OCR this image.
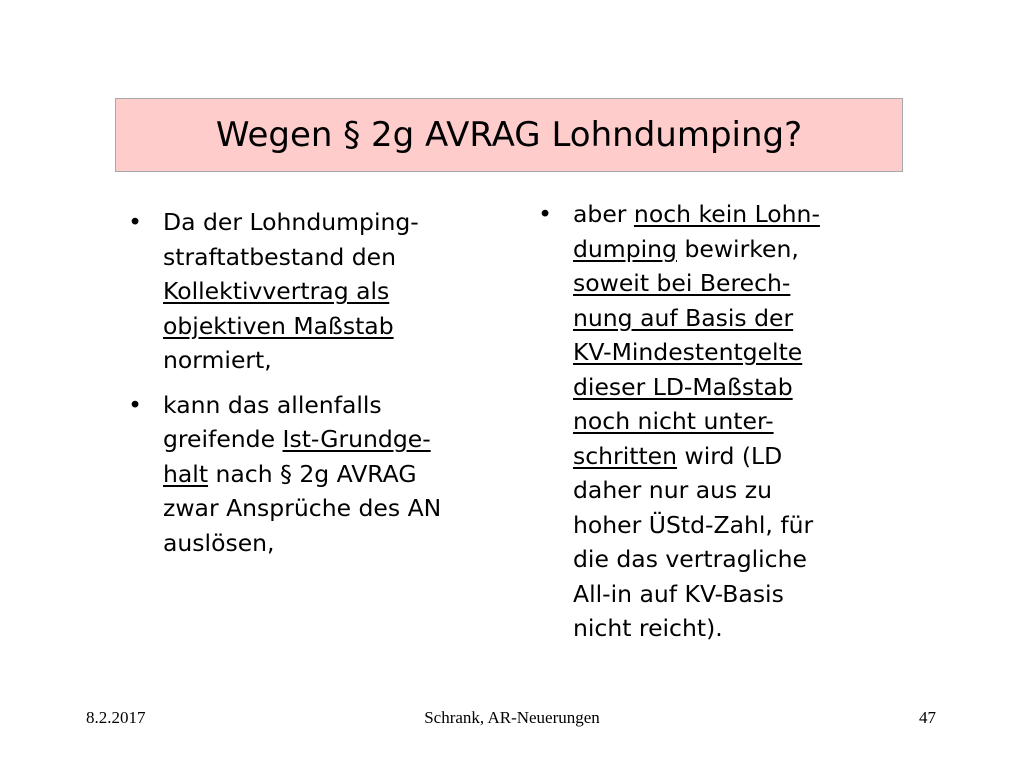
Wegen § 2g AVRAG Lohndumping?
• Da der Lohndumping-
straftatbestand den
Kollektivvertrag als
objektiven Maßstab
normiert,
• kann das allenfalls
greifende Ist-Grundge-
halt nach § 2g AVRAG
zwar Ansprüche des AN
auslösen,
• aber noch kein Lohn-
dumping bewirken,
soweit bei Berech-
nung auf Basis der
KV-Mindestentgelte
dieser LD-Maßstab
noch nicht unter-
schritten wird (LD
daher nur aus zu
hoher ÜStd-Zahl, für
die das vertragliche
All-in auf KV-Basis
nicht reicht).
8.2.2017	Schrank, AR-Neuerungen	47
